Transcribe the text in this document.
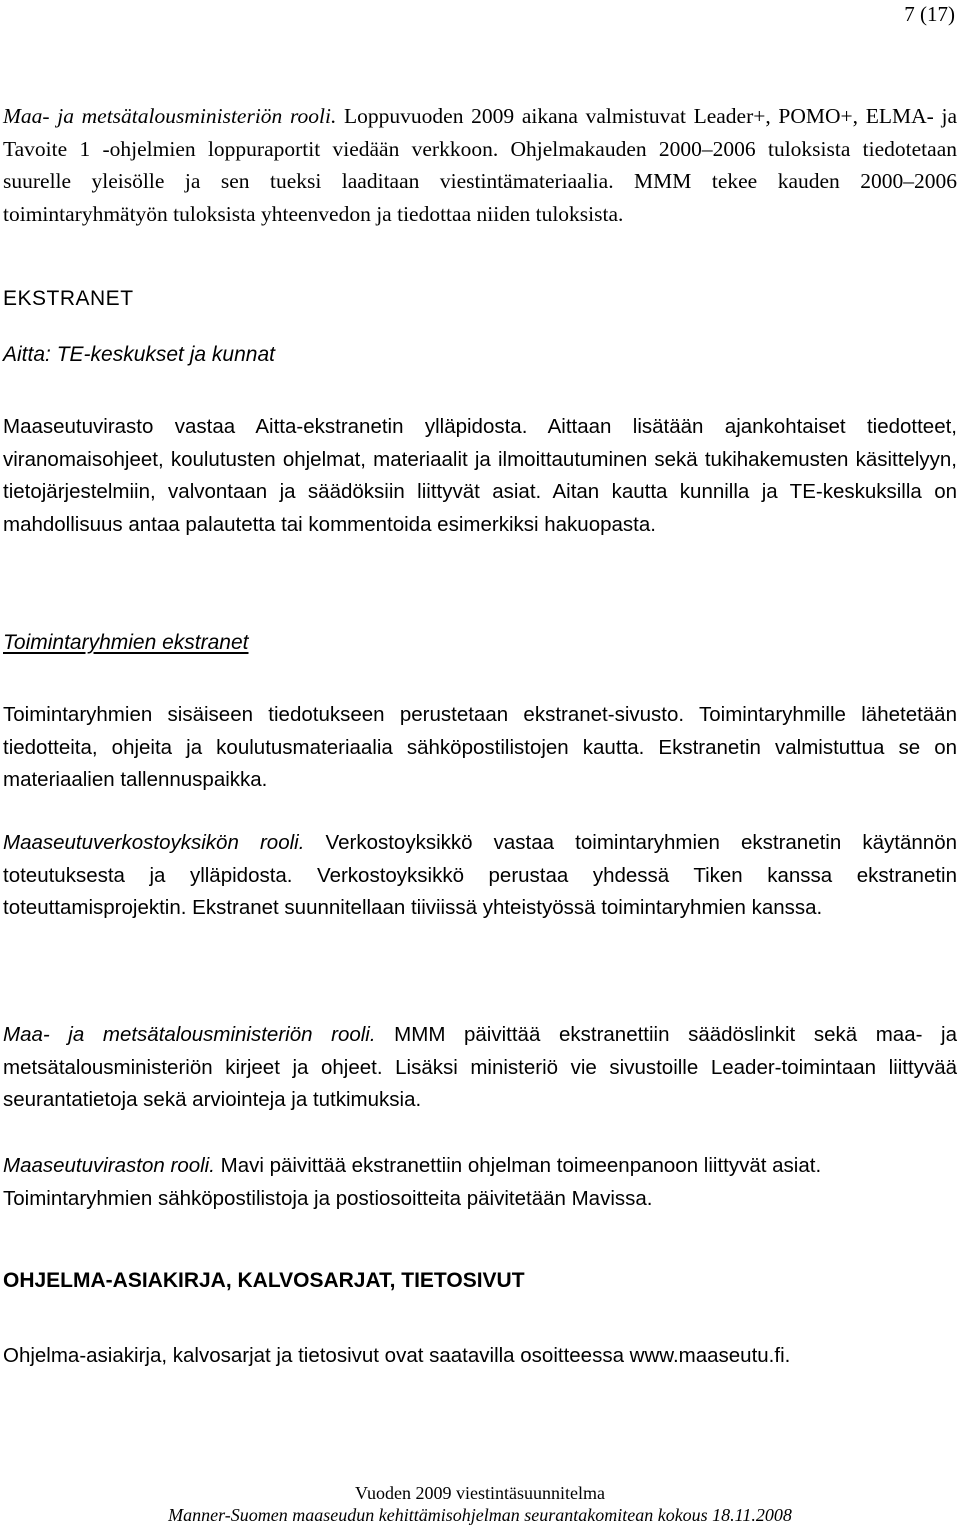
7 (17)

Maa- ja metsätalousministeriön rooli. Loppuvuoden 2009 aikana valmistuvat Leader+, POMO+, ELMA- ja Tavoite 1 -ohjelmien loppuraportit viedään verkkoon. Ohjelmakauden 2000–2006 tuloksista tiedotetaan suurelle yleisölle ja sen tueksi laaditaan viestintämateriaalia. MMM tekee kauden 2000–2006 toimintaryhmätyön tuloksista yhteenvedon ja tiedottaa niiden tuloksista.

EKSTRANET
Aitta: TE-keskukset ja kunnat

Maaseutuvirasto vastaa Aitta-ekstranetin ylläpidosta. Aittaan lisätään ajankohtaiset tiedotteet, viranomaisohjeet, koulutusten ohjelmat, materiaalit ja ilmoittautuminen sekä tukihakemusten käsittelyyn, tietojärjestelmiin, valvontaan ja säädöksiin liittyvät asiat. Aitan kautta kunnilla ja TE-keskuksilla on mahdollisuus antaa palautetta tai kommentoida esimerkiksi hakuopasta.

Toimintaryhmien ekstranet

Toimintaryhmien sisäiseen tiedotukseen perustetaan ekstranet-sivusto. Toimintaryhmille lähetetään tiedotteita, ohjeita ja koulutusmateriaalia sähköpostilistojen kautta. Ekstranetin valmistuttua se on materiaalien tallennuspaikka.

Maaseutuverkostoyksikön rooli. Verkostoyksikkö vastaa toimintaryhmien ekstranetin käytännön toteutuksesta ja ylläpidosta. Verkostoyksikkö perustaa yhdessä Tiken kanssa ekstranetin toteuttamisprojektin. Ekstranet suunnitellaan tiiviissä yhteistyössä toimintaryhmien kanssa.

Maa- ja metsätalousministeriön rooli. MMM päivittää ekstranettiin säädöslinkit sekä maa- ja metsätalousministeriön kirjeet ja ohjeet. Lisäksi ministeriö vie sivustoille Leader-toimintaan liittyvää seurantatietoja sekä arviointeja ja tutkimuksia.

Maaseutuviraston rooli. Mavi päivittää ekstranettiin ohjelman toimeenpanoon liittyvät asiat. Toimintaryhmien sähköpostilistoja ja postiosoitteita päivitetään Mavissa.

OHJELMA-ASIAKIRJA, KALVOSARJAT, TIETOSIVUT

Ohjelma-asiakirja, kalvosarjat ja tietosivut ovat saatavilla osoitteessa www.maaseutu.fi.

Vuoden 2009 viestintäsuunnitelma
Manner-Suomen maaseudun kehittämisohjelman seurantakomitean kokous 18.11.2008
